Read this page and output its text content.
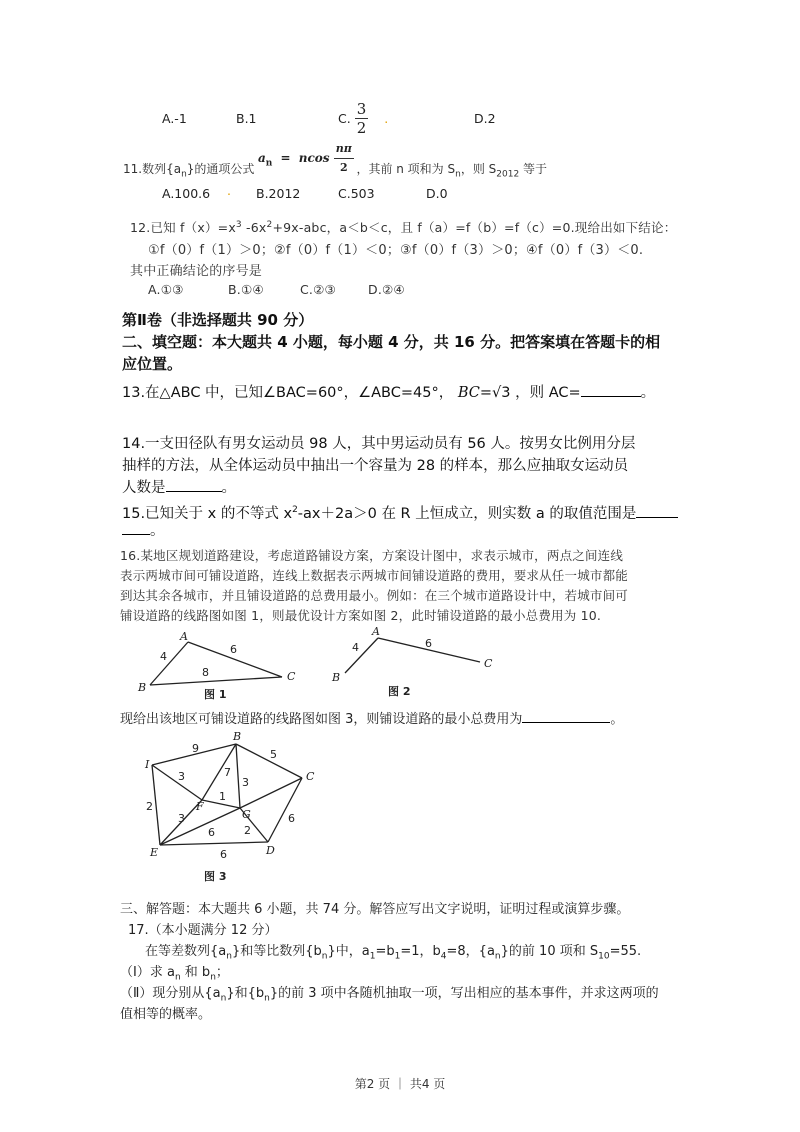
A.-1	B.1	C. $\frac{3}{2}$ .	D.2
$a_n = ncos \frac{n\pi}{2}$
11.数列$\{a_n\}$的通项公式	，其前 n 项和为 $S_n$，则 $S_{2012}$ 等于
A.100.6 . B.2012	C.503	D.0
12.已知 $f(x)=x^3$ $-6x^2+9x$-abc，a＜b＜c，且 f（a）=f（b）=f（c）=0.现给出如下结论：
①f（0）f（1）＞0；②f（0）f（1）＜0；③f（0）f（3）＞0；④f（0）f（3）＜0.
其中正确结论的序号是
A.①③	B.①④	C.②③	D.②④
第Ⅱ卷（非选择题共 90 分）
二、填空题：本大题共 4 小题，每小题 4 分，共 16 分。把答案填在答题卡的相
应位置。
13.在△ABC 中，已知∠BAC=60°，∠ABC=45°， BC=√3 ，则 AC=	。
14.一支田径队有男女运动员 98 人，其中男运动员有 56 人。按男女比例用分层
抽样的方法，从全体运动员中抽出一个容量为 28 的样本，那么应抽取女运动员
人数是	。
15.已知关于 x 的不等式 $x^2-ax+2a>0$ 在 R 上恒成立，则实数 a 的取值范围是
。
16.某地区规划道路建设，考虑道路铺设方案，方案设计图中，求表示城市，两点之间连线
表示两城市间可铺设道路，连线上数据表示两城市间铺设道路的费用，要求从任一城市都能
到达其余各城市，并且铺设道路的总费用最小。例如：在三个城市道路设计中，若城市间可
铺设道路的线路图如图 1，则最优设计方案如图 2，此时铺设道路的最小总费用为 10.
A
B
C
4
6
8
图 1
A
B
C
4	6
图 2
现给出该地区可铺设道路的线路图如图 3，则铺设道路的最小总费用为	。
I
B
C
F
G
E	D
9
3	7
5
1
3
2
3
6	2
6
6
图 3
三、解答题：本大题共 6 小题，共 74 分。解答应写出文字说明，证明过程或演算步骤。
17.（本小题满分 12 分）
在等差数列$\{a_n\}$和等比数列$\{b_n\}$中，$a_1=b_1=1$，$b_4=8$，$\{a_n\}$的前 10 项和 $S_{10}=55$.
（Ⅰ）求 $a_n$ 和 $b_n$；
（Ⅱ）现分别从$\{a_n\}$和$\{b_n\}$的前 3 项中各随机抽取一项，写出相应的基本事件，并求这两项的
值相等的概率。
第2 页 ｜ 共4 页
